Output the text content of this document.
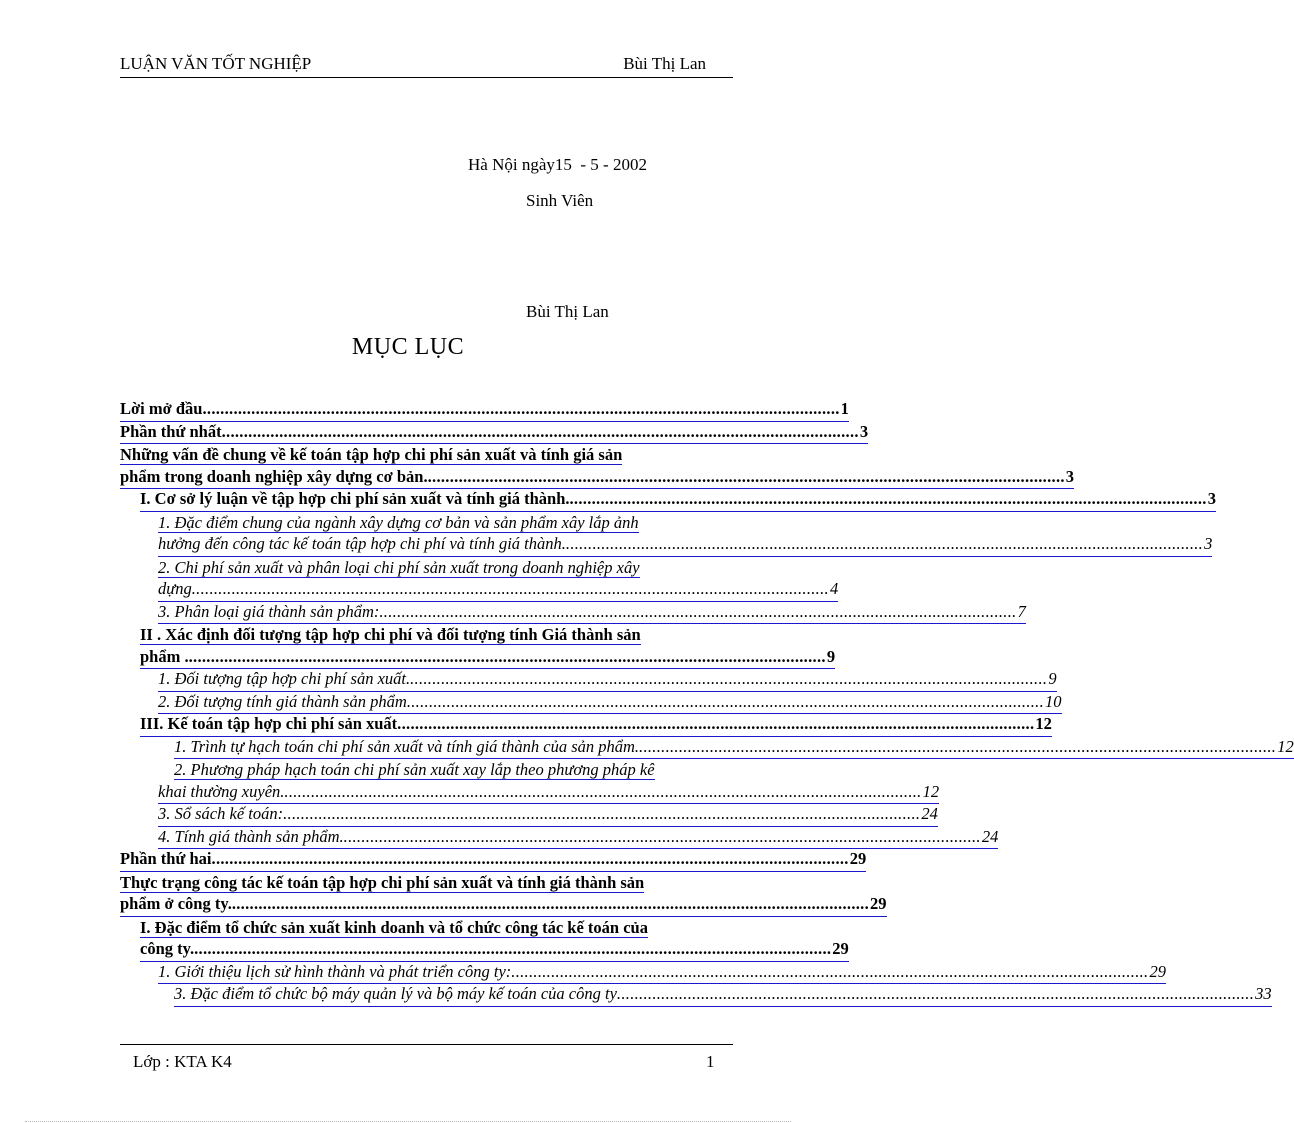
LUẬN VĂN TỐT NGHIỆP	Bùi Thị Lan
Hà Nội ngày15  - 5 - 2002
Sinh Viên
Bùi Thị Lan
MỤC LỤC
Lời mở đầu ................................................................................................................................................ 1
Phần thứ nhất ................................................................................................................................................ 3
Những vấn đề chung về kế toán tập hợp chi phí sản xuất và tính giá sản
phẩm trong doanh nghiệp xây dựng cơ bản. ................................................................................................................................................ 3
I. Cơ sở lý luận về tập hợp chi phí sản xuất và tính giá thành. ................................................................................................................................................ 3
1. Đặc điểm chung của ngành xây dựng cơ bản và sản phẩm xây lắp ảnh
hưởng đến công tác kế toán tập hợp chi phí và tính giá thành. ................................................................................................................................................ 3
2. Chi phí sản xuất và phân loại chi phí sản xuất trong doanh nghiệp xây
dựng ................................................................................................................................................ 4
3. Phân loại giá thành sản phẩm: ................................................................................................................................................ 7
II . Xác định đối tượng tập hợp chi phí và đối tượng tính Giá thành sản
phẩm . ................................................................................................................................................ 9
1. Đối tượng tập hợp chi phí sản xuất. ................................................................................................................................................ 9
2. Đối tượng tính giá thành sản phẩm ................................................................................................................................................ 10
III. Kế toán tập hợp chi phí sản xuất ................................................................................................................................................ 12
1. Trình tự hạch toán chi phí sản xuất và tính giá thành của sản phẩm. ................................................................................................................................................ 12
2. Phương pháp hạch toán chi phí sản xuất xay lắp theo phương pháp kê
khai thường xuyên. ................................................................................................................................................ 12
3. Sổ sách kế toán: ................................................................................................................................................ 24
4. Tính giá thành sản phẩm. ................................................................................................................................................ 24
Phần thứ hai ................................................................................................................................................ 29
Thực trạng công tác kế toán tập hợp chi phí sản xuất và tính giá thành sản
phẩm ở công ty. ................................................................................................................................................ 29
I. Đặc điểm tổ chức sản xuất kinh doanh và tổ chức công tác kế toán của
công ty. ................................................................................................................................................ 29
1. Giới thiệu lịch sử hình thành và phát triển công ty: ................................................................................................................................................ 29
3. Đặc điểm tổ chức bộ máy quản lý và bộ máy kế toán của công ty ................................................................................................................................................ 33
Lớp : KTA K4	1
